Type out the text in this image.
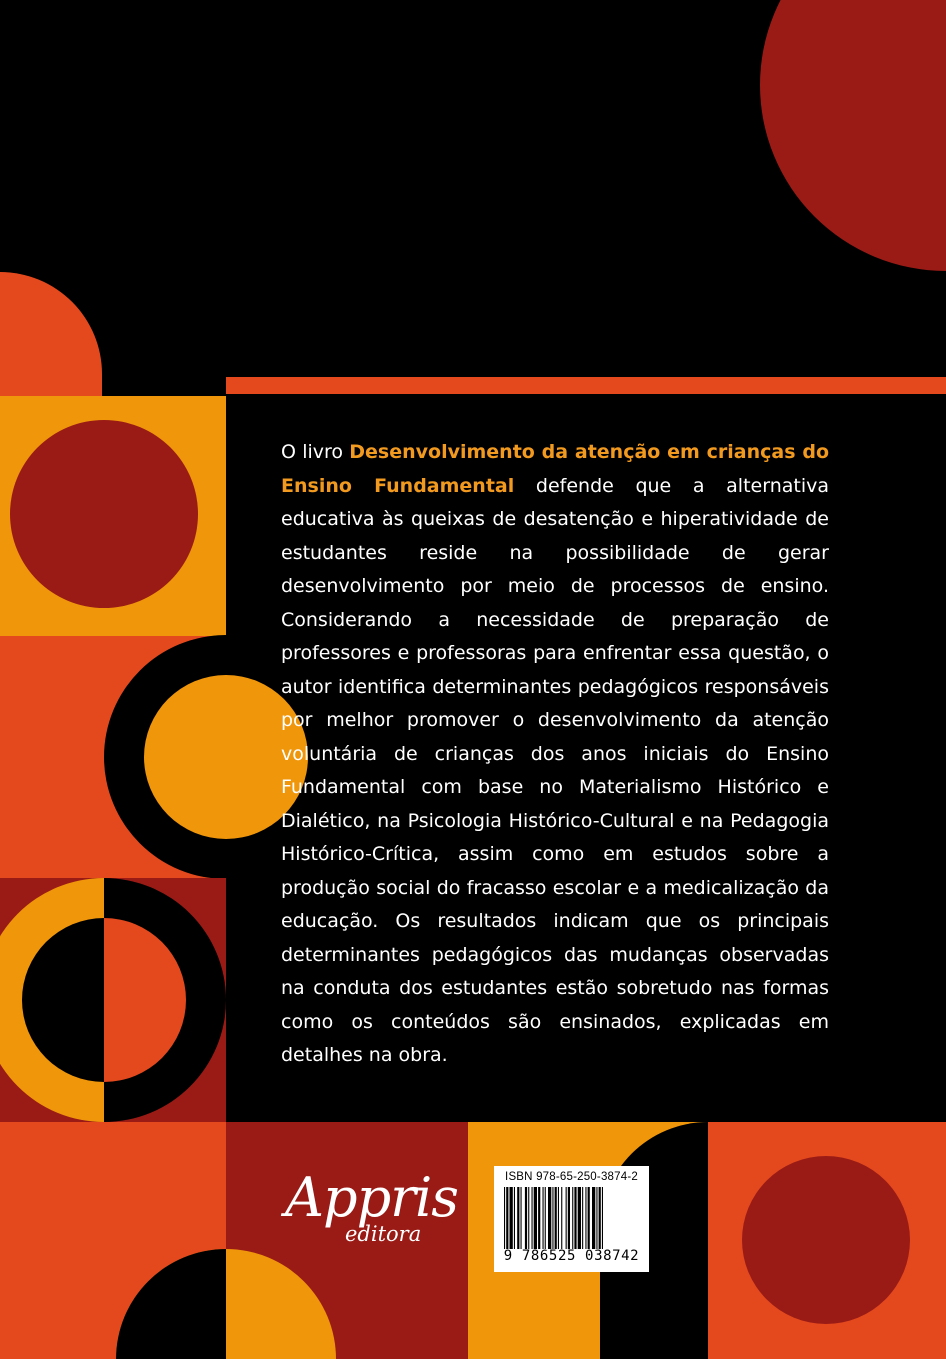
O livro Desenvolvimento da atenção em crianças do Ensino Fundamental defende que a alternativa educativa às queixas de desatenção e hiperatividade de estudantes reside na possibilidade de gerar desenvolvimento por meio de processos de ensino. Considerando a necessidade de preparação de professores e professoras para enfrentar essa questão, o autor identifica determinantes pedagógicos responsáveis por melhor promover o desenvolvimento da atenção voluntária de crianças dos anos iniciais do Ensino Fundamental com base no Materialismo Histórico e Dialético, na Psicologia Histórico-Cultural e na Pedagogia Histórico-Crítica, assim como em estudos sobre a produção social do fracasso escolar e a medicalização da educação. Os resultados indicam que os principais determinantes pedagógicos das mudanças observadas na conduta dos estudantes estão sobretudo nas formas como os conteúdos são ensinados, explicadas em detalhes na obra.

Appris
editora
ISBN 978-65-250-3874-2
9 786525 038742
